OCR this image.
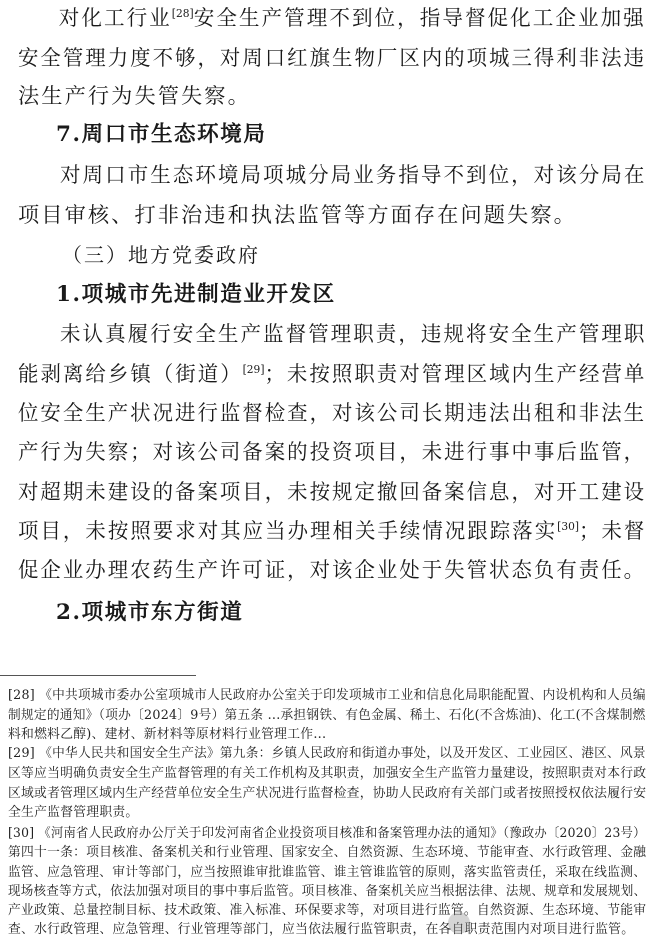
对化工行业[28]安全生产管理不到位，指导督促化工企业加强
安全管理力度不够，对周口红旗生物厂区内的项城三得利非法违
法生产行为失管失察。
7.周口市生态环境局
对周口市生态环境局项城分局业务指导不到位，对该分局在
项目审核、打非治违和执法监管等方面存在问题失察。
（三）地方党委政府
1.项城市先进制造业开发区
未认真履行安全生产监督管理职责，违规将安全生产管理职
能剥离给乡镇（街道）[29]；未按照职责对管理区域内生产经营单
位安全生产状况进行监督检查，对该公司长期违法出租和非法生
产行为失察；对该公司备案的投资项目，未进行事中事后监管，
对超期未建设的备案项目，未按规定撤回备案信息，对开工建设
项目，未按照要求对其应当办理相关手续情况跟踪落实[30]；未督
促企业办理农药生产许可证，对该企业处于失管状态负有责任。
2.项城市东方街道
[28] 《中共项城市委办公室项城市人民政府办公室关于印发项城市工业和信息化局职能配置、内设机构和人员编
制规定的通知》（项办〔2024〕9号）第五条 ...承担钢铁、有色金属、稀土、石化(不含炼油)、化工(不含煤制燃
料和燃料乙醇)、建材、新材料等原材料行业管理工作...
[29] 《中华人民共和国安全生产法》第九条：乡镇人民政府和街道办事处，以及开发区、工业园区、港区、风景
区等应当明确负责安全生产监督管理的有关工作机构及其职责，加强安全生产监管力量建设，按照职责对本行政
区域或者管理区域内生产经营单位安全生产状况进行监督检查，协助人民政府有关部门或者按照授权依法履行安
全生产监督管理职责。
[30] 《河南省人民政府办公厅关于印发河南省企业投资项目核准和备案管理办法的通知》（豫政办〔2020〕23号）
第四十一条：项目核准、备案机关和行业管理、国家安全、自然资源、生态环境、节能审查、水行政管理、金融
监管、应急管理、审计等部门，应当按照谁审批谁监管、谁主管谁监管的原则，落实监管责任，采取在线监测、
现场核查等方式，依法加强对项目的事中事后监管。项目核准、备案机关应当根据法律、法规、规章和发展规划、
产业政策、总量控制目标、技术政策、准入标准、环保要求等，对项目进行监管。自然资源、生态环境、节能审
查、水行政管理、应急管理、行业管理等部门，应当依法履行监管职责，在各自职责范围内对项目进行监管。
